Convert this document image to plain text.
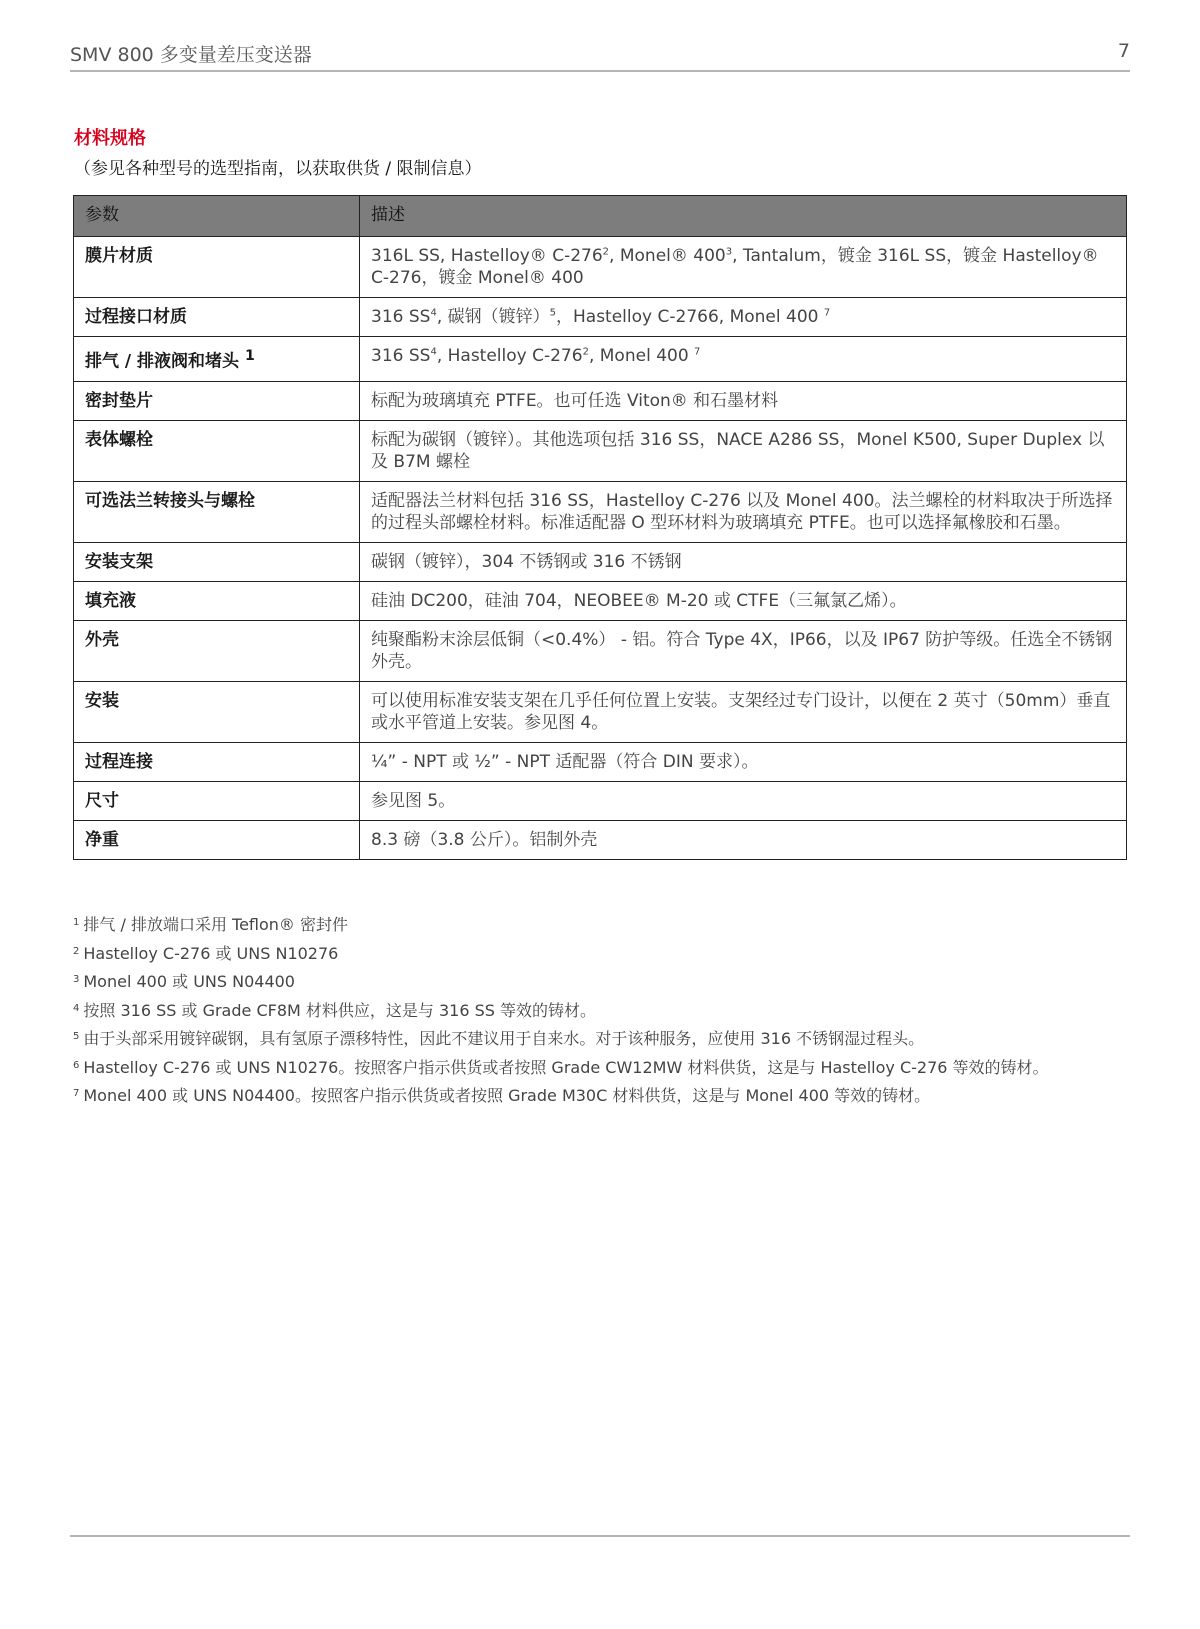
SMV 800 多变量差压变送器	7
材料规格
（参见各种型号的选型指南，以获取供货 / 限制信息）
参数	描述
膜片材质	316L SS, Hastelloy® $C-276^2$, Monel® $400^3$, Tantalum，镀金 316L SS，镀金 Hastelloy® C-276，镀金 Monel® 400
过程接口材质	316 $SS^4$, 碳钢（镀锌）$^5$，Hastelloy C-2766, Monel 400 $^7$
排气 / 排液阀和堵头 $^1$	316 $SS^4$, Hastelloy $C-276^2$, Monel 400 $^7$
密封垫片	标配为玻璃填充 PTFE。也可任选 Viton® 和石墨材料
表体螺栓	标配为碳钢（镀锌）。其他选项包括 316 SS，NACE A286 SS，Monel K500, Super Duplex 以及 B7M 螺栓
可选法兰转接头与螺栓	适配器法兰材料包括 316 SS，Hastelloy C-276 以及 Monel 400。法兰螺栓的材料取决于所选择的过程头部螺栓材料。标准适配器 O 型环材料为玻璃填充 PTFE。也可以选择氟橡胶和石墨。
安装支架	碳钢（镀锌），304 不锈钢或 316 不锈钢
填充液	硅油 DC200，硅油 704，NEOBEE® M-20 或 CTFE（三氟氯乙烯）。
外壳	纯聚酯粉末涂层低铜（<0.4%） - 铝。符合 Type 4X，IP66，以及 IP67 防护等级。任选全不锈钢外壳。
安装	可以使用标准安装支架在几乎任何位置上安装。支架经过专门设计，以便在 2 英寸（50mm）垂直或水平管道上安装。参见图 4。
过程连接	¼” - NPT 或 ½” - NPT 适配器（符合 DIN 要求）。
尺寸	参见图 5。
净重	8.3 磅（3.8 公斤）。铝制外壳
$^1$ 排气 / 排放端口采用 Teflon® 密封件
$^2$ Hastelloy C-276 或 UNS N10276
$^3$ Monel 400 或 UNS N04400
$^4$ 按照 316 SS 或 Grade CF8M 材料供应，这是与 316 SS 等效的铸材。
$^5$ 由于头部采用镀锌碳钢，具有氢原子漂移特性，因此不建议用于自来水。对于该种服务，应使用 316 不锈钢湿过程头。
$^6$ Hastelloy C-276 或 UNS N10276。按照客户指示供货或者按照 Grade CW12MW 材料供货，这是与 Hastelloy C-276 等效的铸材。
$^7$ Monel 400 或 UNS N04400。按照客户指示供货或者按照 Grade M30C 材料供货，这是与 Monel 400 等效的铸材。
